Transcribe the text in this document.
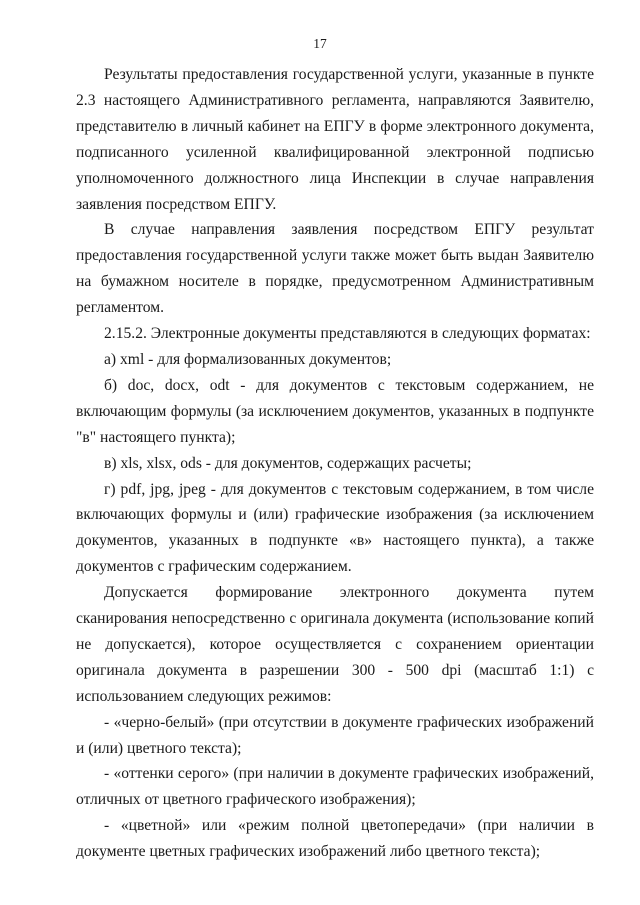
17

Результаты предоставления государственной услуги, указанные в пункте 2.3 настоящего Административного регламента, направляются Заявителю, представителю в личный кабинет на ЕПГУ в форме электронного документа, подписанного усиленной квалифицированной электронной подписью уполномоченного должностного лица Инспекции в случае направления заявления посредством ЕПГУ.

В случае направления заявления посредством ЕПГУ результат предоставления государственной услуги также может быть выдан Заявителю на бумажном носителе в порядке, предусмотренном Административным регламентом.

2.15.2. Электронные документы представляются в следующих форматах:

а) xml - для формализованных документов;

б) doc, docx, odt - для документов с текстовым содержанием, не включающим формулы (за исключением документов, указанных в подпункте "в" настоящего пункта);

в) xls, xlsx, ods - для документов, содержащих расчеты;

г) pdf, jpg, jpeg - для документов с текстовым содержанием, в том числе включающих формулы и (или) графические изображения (за исключением документов, указанных в подпункте «в» настоящего пункта), а также документов с графическим содержанием.

Допускается формирование электронного документа путем сканирования непосредственно с оригинала документа (использование копий не допускается), которое осуществляется с сохранением ориентации оригинала документа в разрешении 300 - 500 dpi (масштаб 1:1) с использованием следующих режимов:

- «черно-белый» (при отсутствии в документе графических изображений и (или) цветного текста);

- «оттенки серого» (при наличии в документе графических изображений, отличных от цветного графического изображения);

- «цветной» или «режим полной цветопередачи» (при наличии в документе цветных графических изображений либо цветного текста);
